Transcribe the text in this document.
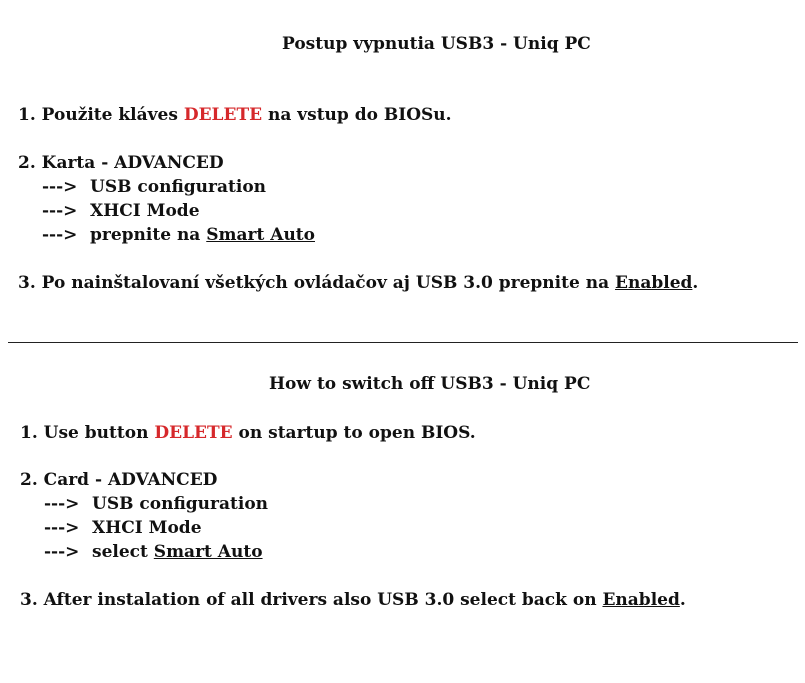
Postup vypnutia USB3 - Uniq PC
1. Použite kláves DELETE na vstup do BIOSu.
2. Karta - ADVANCED
---> USB configuration
---> XHCI Mode
---> prepnite na Smart Auto
3. Po nainštalovaní všetkých ovládačov aj USB 3.0 prepnite na Enabled.
How to switch off USB3 - Uniq PC
1. Use button DELETE on startup to open BIOS.
2. Card - ADVANCED
---> USB configuration
---> XHCI Mode
---> select Smart Auto
3. After instalation of all drivers also USB 3.0 select back on Enabled.
